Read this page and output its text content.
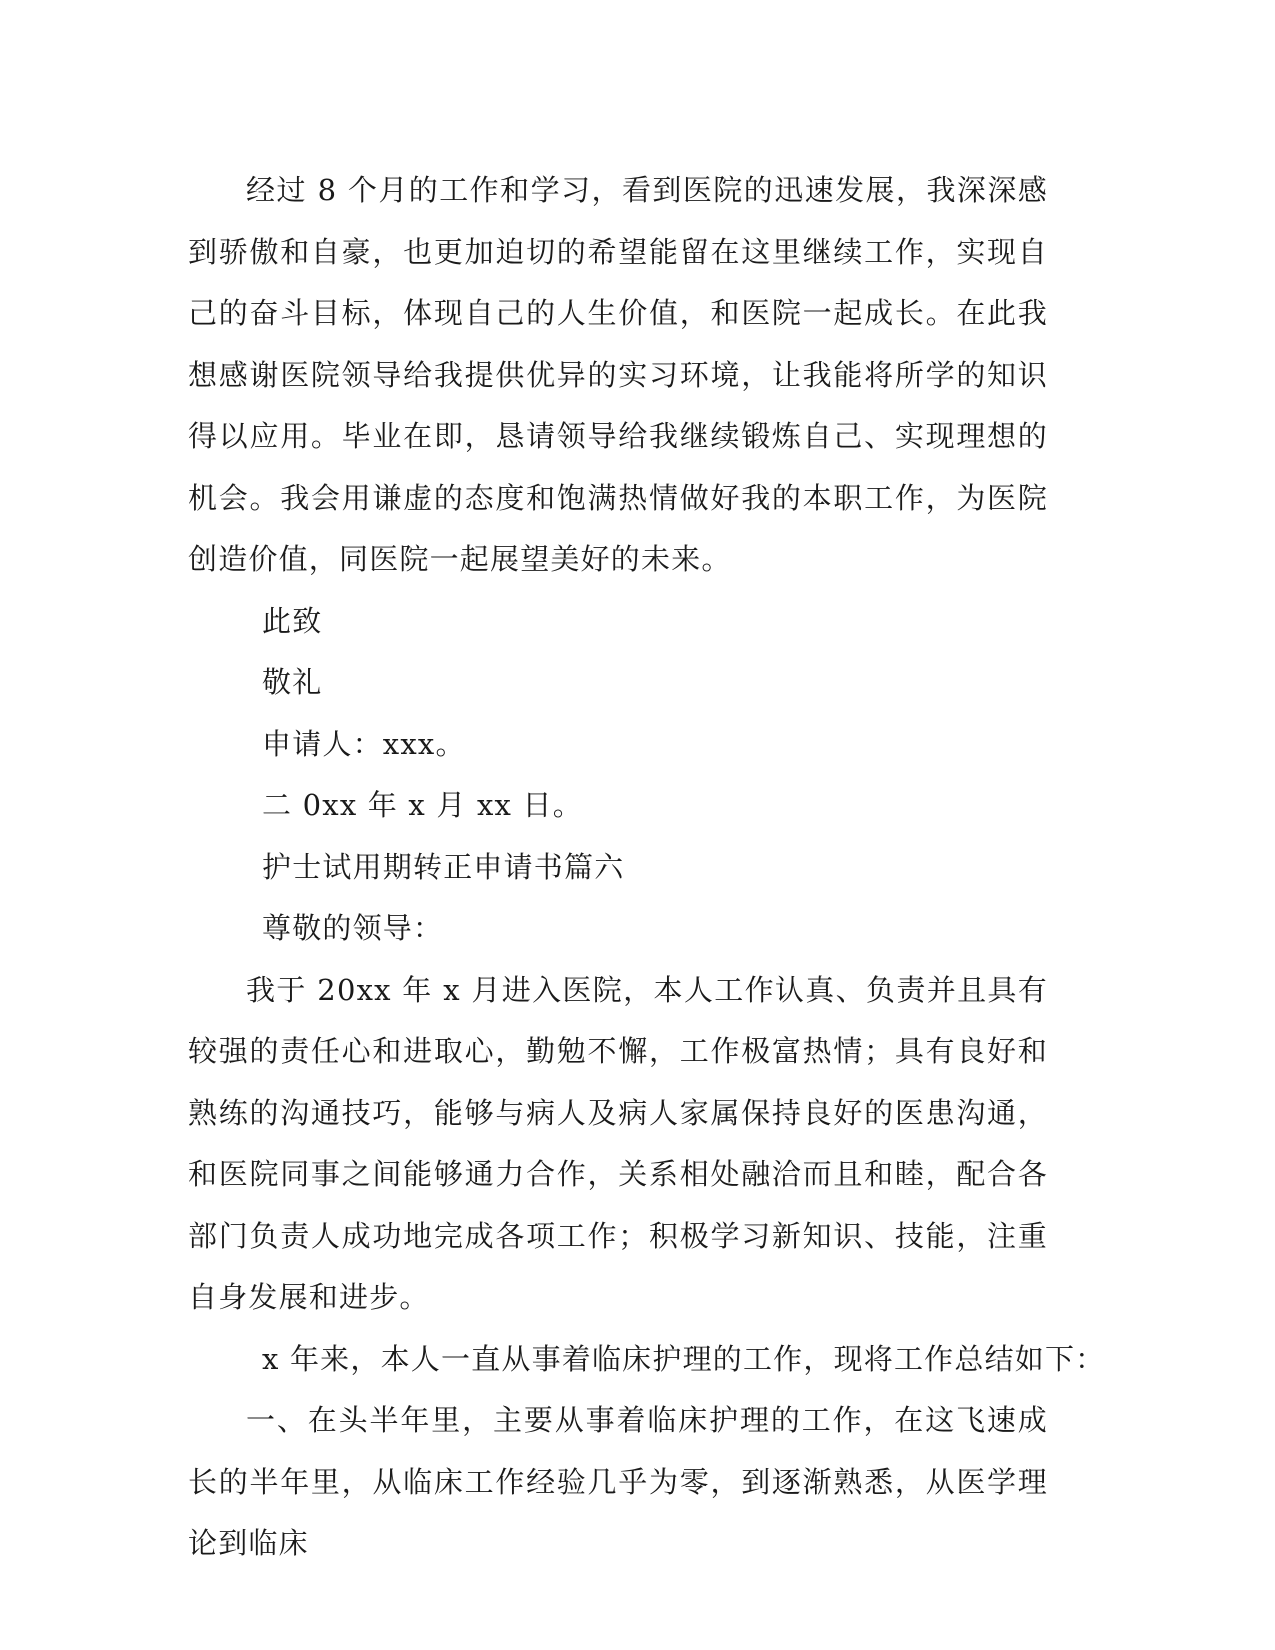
经过 8 个月的工作和学习，看到医院的迅速发展，我深深感到骄傲和自豪，也更加迫切的希望能留在这里继续工作，实现自己的奋斗目标，体现自己的人生价值，和医院一起成长。在此我想感谢医院领导给我提供优异的实习环境，让我能将所学的知识得以应用。毕业在即，恳请领导给我继续锻炼自己、实现理想的机会。我会用谦虚的态度和饱满热情做好我的本职工作，为医院创造价值，同医院一起展望美好的未来。

此致

敬礼

申请人：xxx。

二 0xx 年 x 月 xx 日。

护士试用期转正申请书篇六

尊敬的领导：

我于 20xx 年 x 月进入医院，本人工作认真、负责并且具有较强的责任心和进取心，勤勉不懈，工作极富热情；具有良好和熟练的沟通技巧，能够与病人及病人家属保持良好的医患沟通，和医院同事之间能够通力合作，关系相处融洽而且和睦，配合各部门负责人成功地完成各项工作；积极学习新知识、技能，注重自身发展和进步。

x 年来，本人一直从事着临床护理的工作，现将工作总结如下：

一、在头半年里，主要从事着临床护理的工作，在这飞速成长的半年里，从临床工作经验几乎为零，到逐渐熟悉，从医学理论到临床
